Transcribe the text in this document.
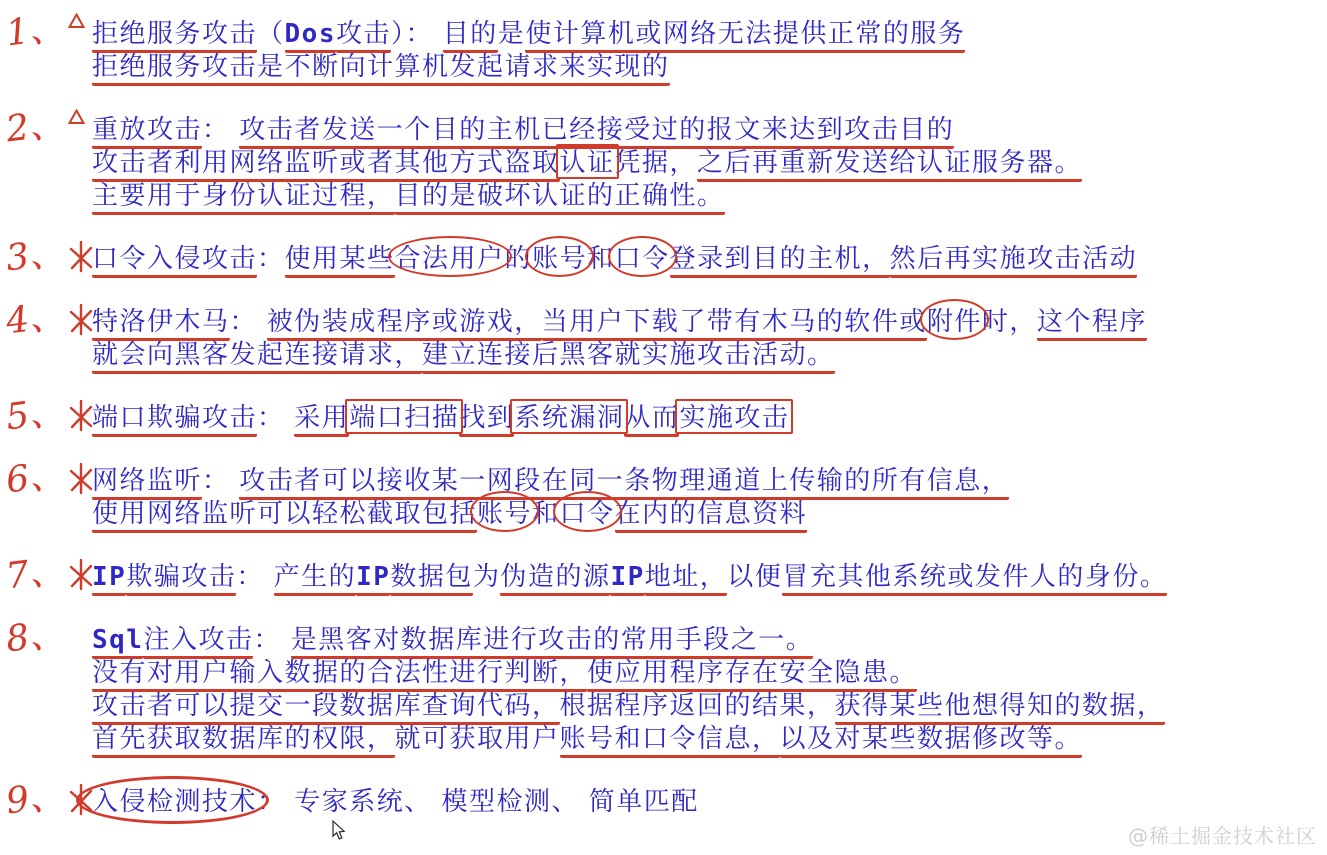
1、 拒绝服务攻击（Dos攻击）： 目的是使计算机或网络无法提供正常的服务
拒绝服务攻击是不断向计算机发起请求来实现的
2、 重放攻击： 攻击者发送一个目的主机已经接受过的报文来达到攻击目的
攻击者利用网络监听或者其他方式盗取认证凭据，之后再重新发送给认证服务器。
主要用于身份认证过程，目的是破坏认证的正确性。
3、 口令入侵攻击：使用某些合法用户的账号和口令登录到目的主机，然后再实施攻击活动
4、 特洛伊木马： 被伪装成程序或游戏，当用户下载了带有木马的软件或附件时，这个程序
就会向黑客发起连接请求，建立连接后黑客就实施攻击活动。
5、 端口欺骗攻击： 采用端口扫描找到系统漏洞从而实施攻击
6、 网络监听： 攻击者可以接收某一网段在同一条物理通道上传输的所有信息，
使用网络监听可以轻松截取包括账号和口令在内的信息资料
7、 IP欺骗攻击： 产生的IP数据包为伪造的源IP地址，以便冒充其他系统或发件人的身份。
8、 Sql注入攻击： 是黑客对数据库进行攻击的常用手段之一。
没有对用户输入数据的合法性进行判断，使应用程序存在安全隐患。
攻击者可以提交一段数据库查询代码，根据程序返回的结果，获得某些他想得知的数据，
首先获取数据库的权限，就可获取用户账号和口令信息，以及对某些数据修改等。
9、 入侵检测技术： 专家系统、 模型检测、 简单匹配
@稀土掘金技术社区
